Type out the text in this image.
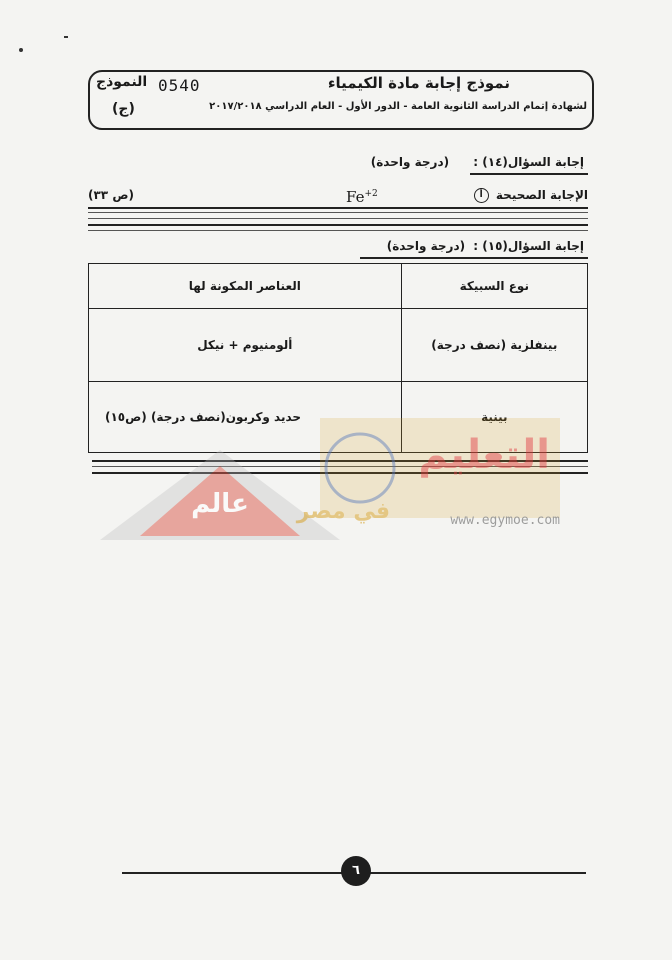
نموذج إجابة مادة الكيمياء
0540
النموذج
(ج)	لشهادة إتمام الدراسة الثانوية العامة - الدور الأول - العام الدراسي ٢٠١٧/٢٠١٨
إجابة السؤال(١٤) : (درجة واحدة)
الإجابة الصحيحة أ
$Fe^{+2}$
(ص ٣٣)
إجابة السؤال(١٥) : (درجة واحدة)
نوع السبيكة	العناصر المكونة لها
بينفلزية (نصف درجة)	ألومنيوم + نيكل
بينية	حديد وكربون(نصف درجة) (ص١٥)
عالم
التعليم
في مصر	www.egymoe.com
٦
